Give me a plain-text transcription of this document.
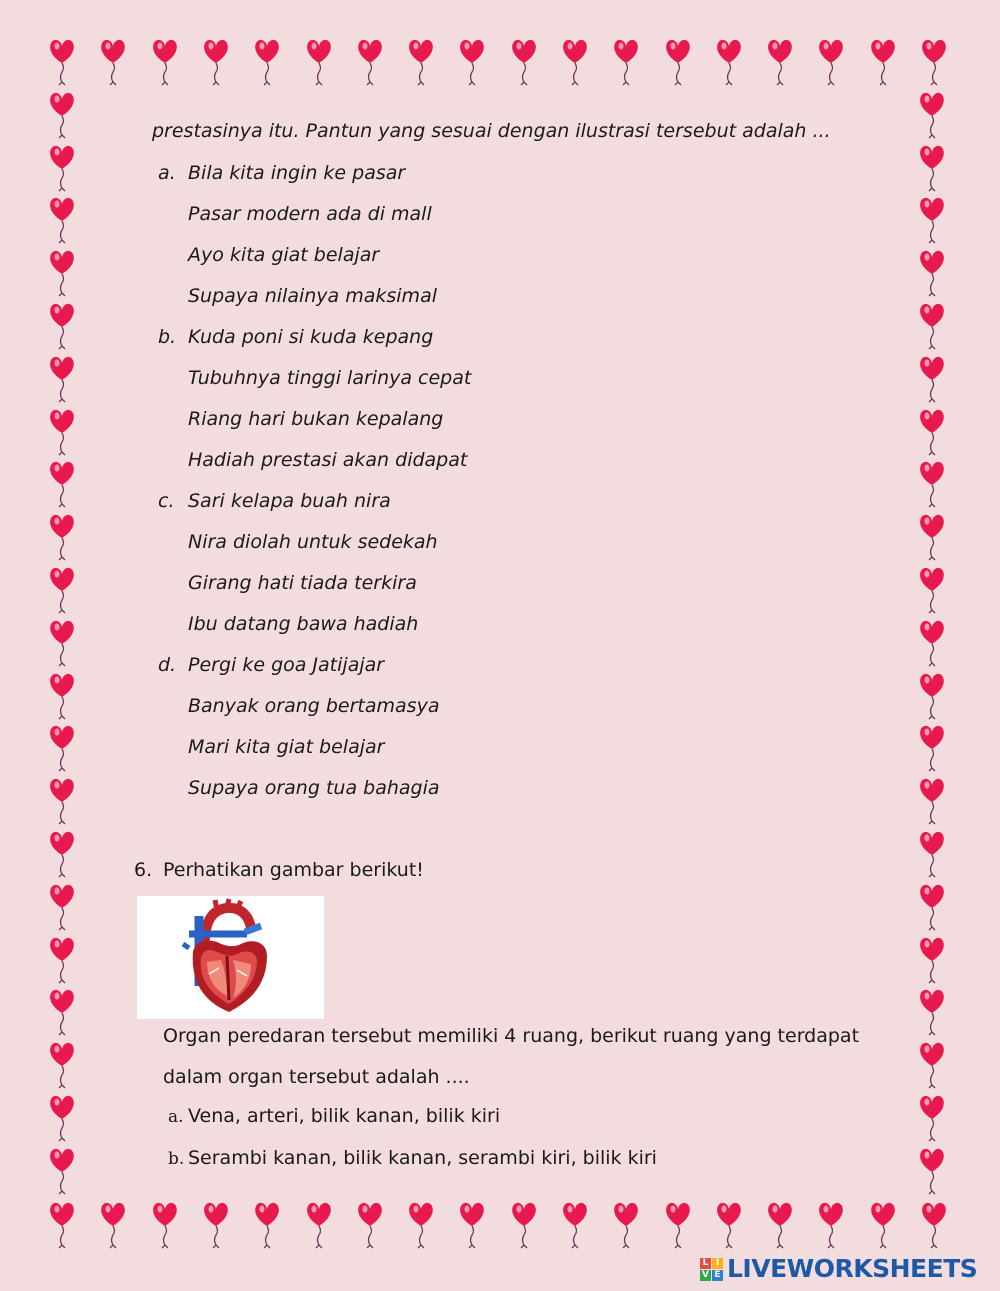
prestasinya itu. Pantun yang sesuai dengan ilustrasi tersebut adalah ...
a. Bila kita ingin ke pasar
Pasar modern ada di mall
Ayo kita giat belajar
Supaya nilainya maksimal
b. Kuda poni si kuda kepang
Tubuhnya tinggi larinya cepat
Riang hari bukan kepalang
Hadiah prestasi akan didapat
c. Sari kelapa buah nira
Nira diolah untuk sedekah
Girang hati tiada terkira
Ibu datang bawa hadiah
d. Pergi ke goa Jatijajar
Banyak orang bertamasya
Mari kita giat belajar
Supaya orang tua bahagia
6. Perhatikan gambar berikut!
Organ peredaran tersebut memiliki 4 ruang, berikut ruang yang terdapat
dalam organ tersebut adalah ....
a. Vena, arteri, bilik kanan, bilik kiri
b. Serambi kanan, bilik kanan, serambi kiri, bilik kiri
L I
V E LIVEWORKSHEETS
